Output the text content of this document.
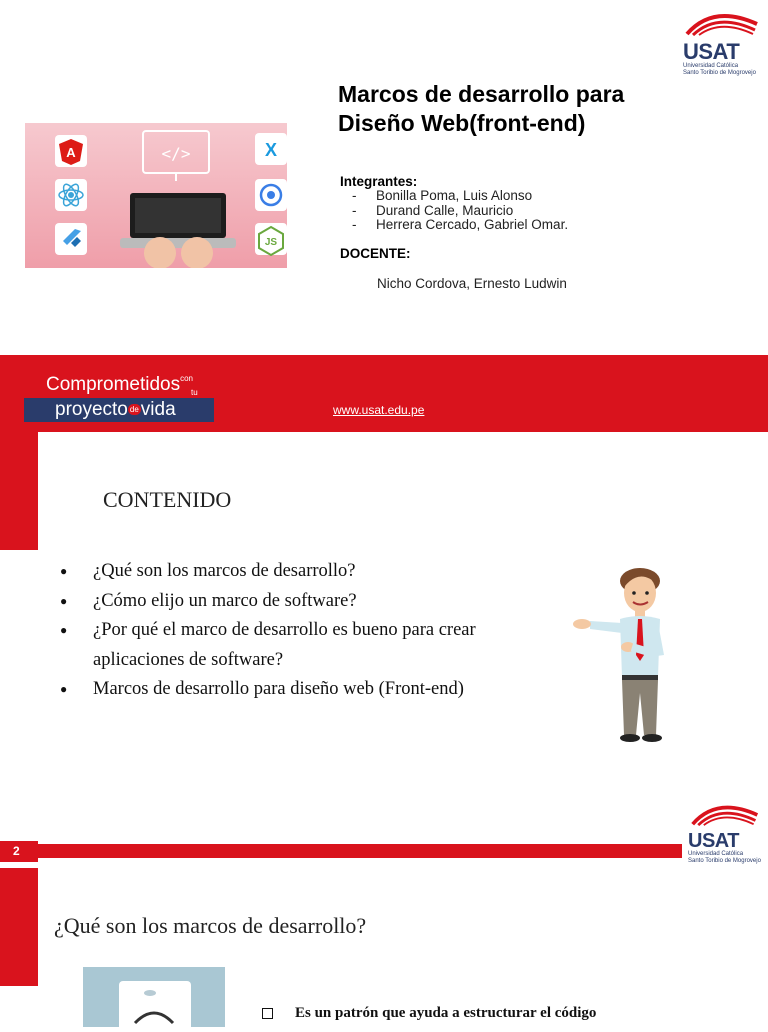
USAT
Universidad Católica
Santo Toribio de Mogrovejo
Marcos de desarrollo para
Diseño Web(front-end)
</>
A	X
JS
Integrantes:
- Bonilla Poma, Luis Alonso
- Durand Calle, Mauricio
- Herrera Cercado, Gabriel Omar.
DOCENTE:
Nicho Cordova, Ernesto Ludwin
Comprometidos$^{con}$
tu
proyecto de vida	www.usat.edu.pe
CONTENIDO
● ¿Qué son los marcos de desarrollo?
● ¿Cómo elijo un marco de software?
● ¿Por qué el marco de desarrollo es bueno para crear aplicaciones de software?
● Marcos de desarrollo para diseño web (Front-end)
USAT
Universidad Católica
Santo Toribio de Mogrovejo
2
¿Qué son los marcos de desarrollo?
Es un patrón que ayuda a estructurar el código
